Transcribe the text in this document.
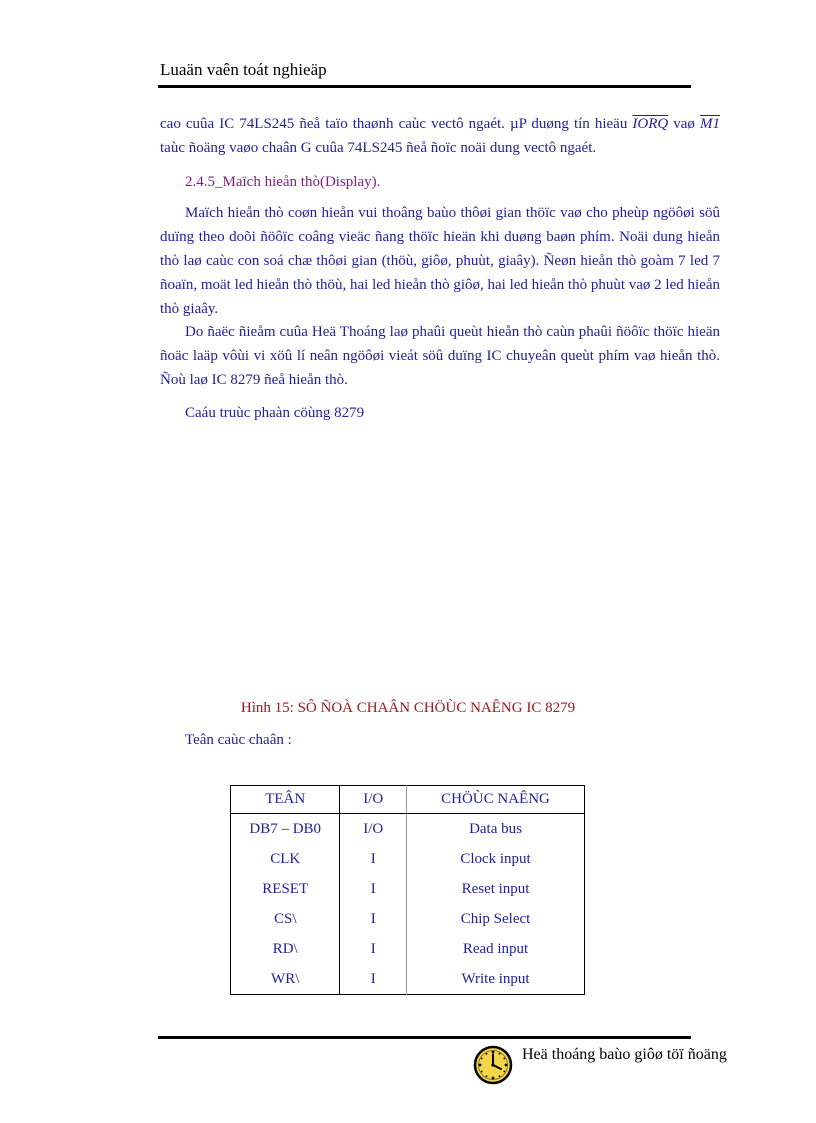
Luaän vaên toát nghieäp

cao cuûa IC 74LS245 ñeå taïo thaønh caùc vectô ngaét. µP duøng tín hieäu IORQ vaø M1 taùc ñoäng vaøo chaân G cuûa 74LS245 ñeå ñoïc noäi dung vectô ngaét.

2.4.5_Maïch hieån thò(Display).

Maïch hieån thò coøn hieån vui thoâng baùo thôøi gian thöïc vaø cho pheùp ngöôøi söû duïng theo doõi ñöôïc coâng vieäc ñang thöïc hieän khi duøng baøn phím. Noäi dung hieån thò laø caùc con soá chæ thôøi gian (thöù, giôø, phuùt, giaây). Ñeøn hieån thò goàm 7 led 7 ñoaïn, moät led hieån thò thöù, hai led hieån thò giôø, hai led hieån thò phuùt vaø 2 led hieån thò giaây.

Do ñaëc ñieåm cuûa Heä Thoáng laø phaûi queùt hieån thò caùn phaûi ñöôïc thöïc hieän ñoäc laäp vôùi vi xöû lí neân ngöôøi vieát söû duïng IC chuyeân queùt phím vaø hieån thò. Ñoù laø IC 8279 ñeå hieån thò.

Caáu truùc phaàn cöùng 8279

Hình 15: SÔ ÑOÀ CHAÂN CHÖÙC NAÊNG IC 8279
Teân caùc chaân :
TEÂN	I/O	CHÖÙC NAÊNG
DB7 – DB0	I/O	Data bus
CLK	I	Clock input
RESET	I	Reset input
CS\	I	Chip Select
RD\	I	Read input
WR\	I	Write input
Heä thoáng baùo giôø töï ñoäng
